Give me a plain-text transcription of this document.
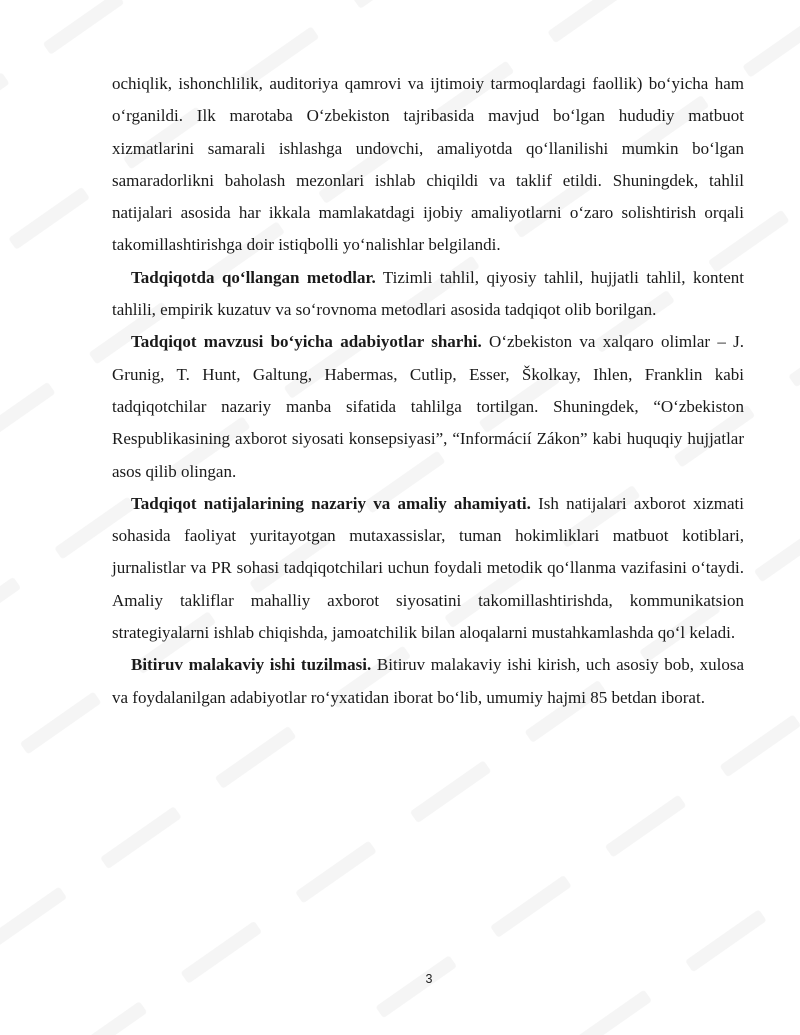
ochiqlik, ishonchlilik, auditoriya qamrovi va ijtimoiy tarmoqlardagi faollik) bo‘yicha ham o‘rganildi. Ilk marotaba O‘zbekiston tajribasida mavjud bo‘lgan hududiy matbuot xizmatlarini samarali ishlashga undovchi, amaliyotda qo‘llanilishi mumkin bo‘lgan samaradorlikni baholash mezonlari ishlab chiqildi va taklif etildi. Shuningdek, tahlil natijalari asosida har ikkala mamlakatdagi ijobiy amaliyotlarni o‘zaro solishtirish orqali takomillashtirishga doir istiqbolli yo‘nalishlar belgilandi.

Tadqiqotda qo‘llangan metodlar. Tizimli tahlil, qiyosiy tahlil, hujjatli tahlil, kontent tahlili, empirik kuzatuv va so‘rovnoma metodlari asosida tadqiqot olib borilgan.

Tadqiqot mavzusi bo‘yicha adabiyotlar sharhi. O‘zbekiston va xalqaro olimlar – J. Grunig, T. Hunt, Galtung, Habermas, Cutlip, Esser, Školkay, Ihlen, Franklin kabi tadqiqotchilar nazariy manba sifatida tahlilga tortilgan. Shuningdek, “O‘zbekiston Respublikasining axborot siyosati konsepsiyasi”, “Informácií Zákon” kabi huquqiy hujjatlar asos qilib olingan.

Tadqiqot natijalarining nazariy va amaliy ahamiyati. Ish natijalari axborot xizmati sohasida faoliyat yuritayotgan mutaxassislar, tuman hokimliklari matbuot kotiblari, jurnalistlar va PR sohasi tadqiqotchilari uchun foydali metodik qo‘llanma vazifasini o‘taydi. Amaliy takliflar mahalliy axborot siyosatini takomillashtirishda, kommunikatsion strategiyalarni ishlab chiqishda, jamoatchilik bilan aloqalarni mustahkamlashda qo‘l keladi.

Bitiruv malakaviy ishi tuzilmasi. Bitiruv malakaviy ishi kirish, uch asosiy bob, xulosa va foydalanilgan adabiyotlar ro‘yxatidan iborat bo‘lib, umumiy hajmi 85 betdan iborat.

3
